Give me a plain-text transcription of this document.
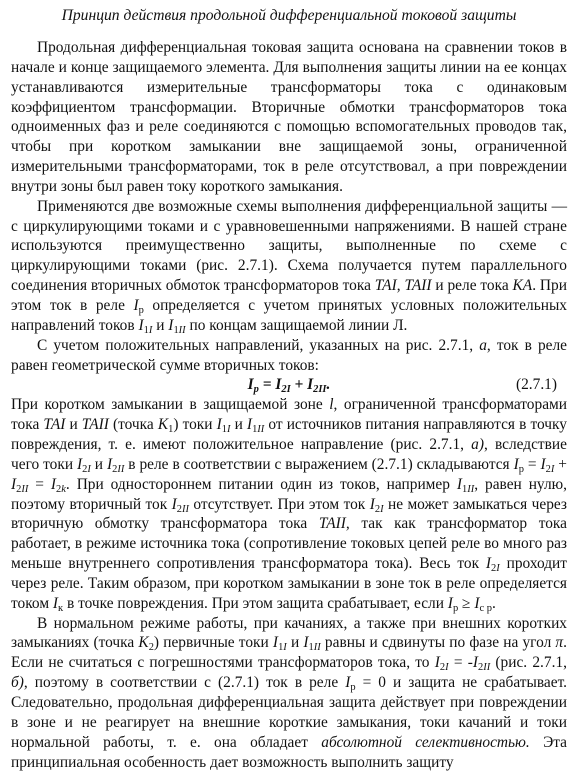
Принцип действия продольной дифференциальной токовой защиты

Продольная дифференциальная токовая защита основана на сравнении токов в начале и конце защищаемого элемента. Для выполнения защиты линии на ее концах устанавливаются измерительные трансформаторы тока с одинаковым коэффициентом трансформации. Вторичные обмотки трансформаторов тока одноименных фаз и реле соединяются с помощью вспомогательных проводов так, чтобы при коротком замыкании вне защищаемой зоны, ограниченной измерительными трансформаторами, ток в реле отсутствовал, а при повреждении внутри зоны был равен току короткого замыкания.

Применяются две возможные схемы выполнения дифференциальной защиты — с циркулирующими токами и с уравновешенными напряжениями. В нашей стране используются преимущественно защиты, выполненные по схеме с циркулирующими токами (рис. 2.7.1). Схема получается путем параллельного соединения вторичных обмоток трансформаторов тока TAI, TAII и реле тока KA. При этом ток в реле $I_р$ определяется с учетом принятых условных положительных направлений токов $I_{1I}$ и $I_{1II}$ по концам защищаемой линии Л.

С учетом положительных направлений, указанных на рис. 2.7.1, а, ток в реле равен геометрической сумме вторичных токов:

$I_р = I_{2I} + I_{2II}$.	(2.7.1)

При коротком замыкании в защищаемой зоне l, ограниченной трансформаторами тока TAI и TAII (точка $K_1$) токи $I_{1I}$ и $I_{1II}$ от источников питания направляются в точку повреждения, т. е. имеют положительное направление (рис. 2.7.1, а), вследствие чего токи $I_{2I}$ и $I_{2II}$ в реле в соответствии с выражением (2.7.1) складываются $I_р = I_{2I} + I_{2II} = I_{2k}$. При одностороннем питании один из токов, например $I_{1II}$, равен нулю, поэтому вторичный ток $I_{2II}$ отсутствует. При этом ток $I_{2I}$ не может замыкаться через вторичную обмотку трансформатора тока TAII, так как трансформатор тока работает, в режиме источника тока (сопротивление токовых цепей реле во много раз меньше внутреннего сопротивления трансформатора тока). Весь ток $I_{2I}$ проходит через реле. Таким образом, при коротком замыкании в зоне ток в реле определяется током $I_к$ в точке повреждения. При этом защита срабатывает, если $I_р \ge I_{с р}$.

В нормальном режиме работы, при качаниях, а также при внешних коротких замыканиях (точка $K_2$) первичные токи $I_{1I}$ и $I_{1II}$ равны и сдвинуты по фазе на угол π. Если не считаться с погрешностями трансформаторов тока, то $I_{2I} = -I_{2II}$ (рис. 2.7.1, б), поэтому в соответствии с (2.7.1) ток в реле $I_р = 0$ и защита не срабатывает. Следовательно, продольная дифференциальная защита действует при повреждении в зоне и не реагирует на внешние короткие замыкания, токи качаний и токи нормальной работы, т. е. она обладает абсолютной селективностью. Эта принципиальная особенность дает возможность выполнить защиту
